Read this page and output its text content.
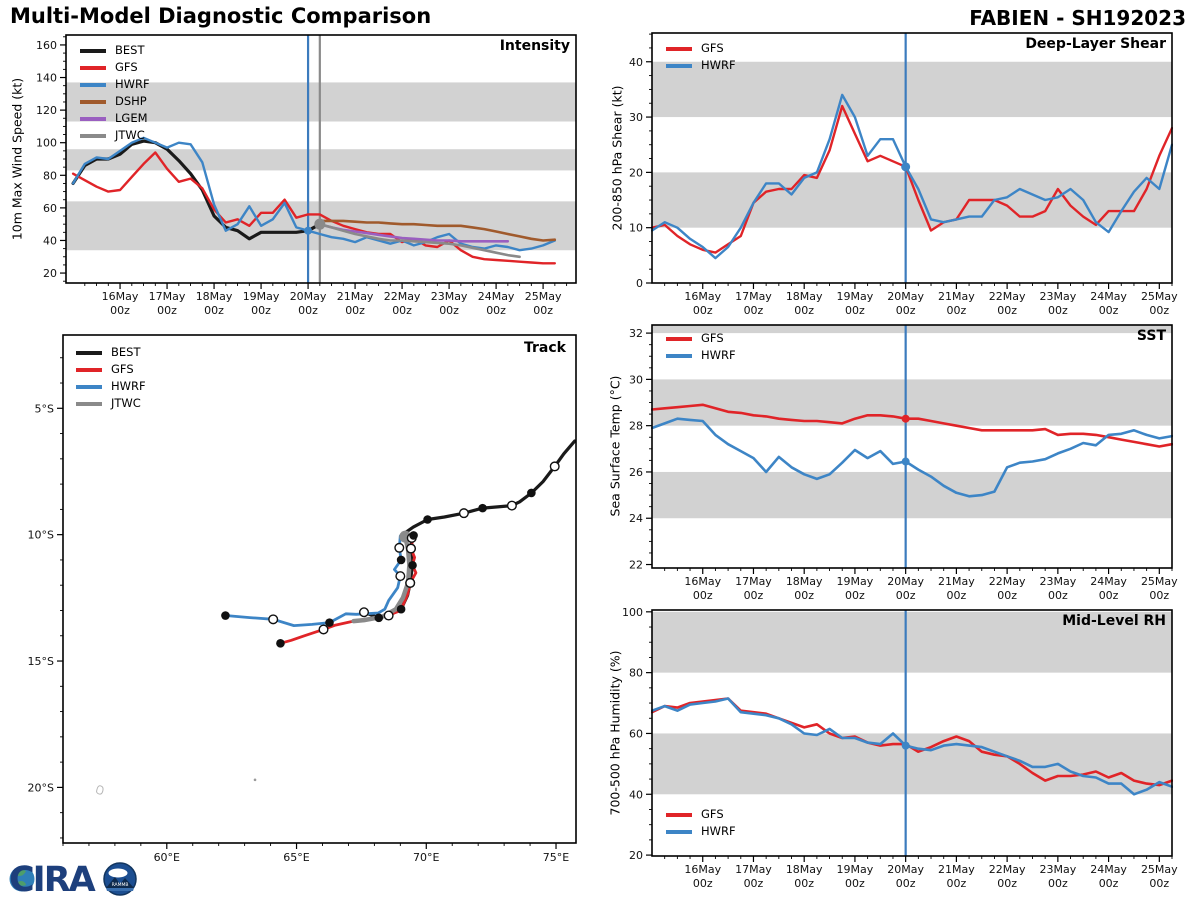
Multi-Model Diagnostic Comparison	FABIEN - SH192023
16May
00z
17May
00z
18May
00z
19May
00z
20May
00z
21May
00z
22May
00z
23May
00z
24May
00z
25May
00z
20
40
60
80
100
120
140
160
16May
00z
17May
00z
18May
00z
19May
00z
20May
00z
21May
00z
22May
00z
23May
00z
24May
00z
25May
00z
0
10
20
30
40
16May
00z
17May
00z
18May
00z
19May
00z
20May
00z
21May
00z
22May
00z
23May
00z
24May
00z
25May
00z
22
24
26
28
30
32
16May
00z
17May
00z
18May
00z
19May
00z
20May
00z
21May
00z
22May
00z
23May
00z
24May
00z
25May
00z
20
40
60
80
100
60°E	65°E	70°E	75°E
5°S
10°S
15°S
20°S
Intensity	Deep-Layer Shear
SST
Mid-Level RH
Track
10m Max Wind Speed (kt)	200-850 hPa Shear (kt)
Sea Surface Temp (°C)
700-500 hPa Humidity (%)
BEST
GFS
HWRF
DSHP
LGEM
JTWC
GFS
HWRF
GFS
HWRF
GFS
HWRF
BEST
GFS
HWRF
JTWC
CIRA	RAMMB
